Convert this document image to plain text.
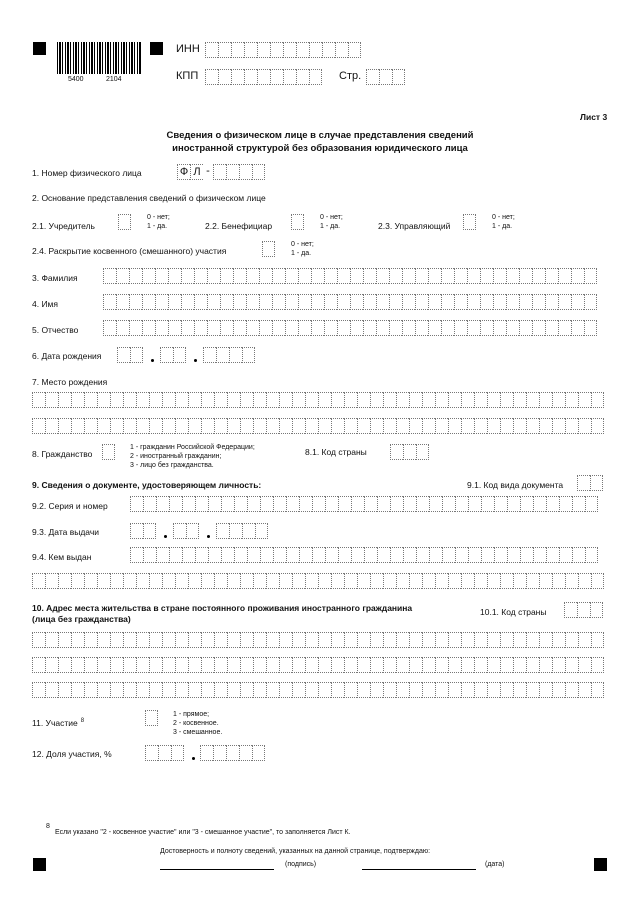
5400	2104
ИНН
КПП	Стр.
Лист 3
Сведения о физическом лице в случае представления сведений
иностранной структурой без образования юридического лица
1. Номер физического лица	Ф Л -
2. Основание представления сведений о физическом лице
2.1. Учредитель
0 - нет;
1 - да.	2.2. Бенефициар
0 - нет;
1 - да.	2.3. Управляющий
0 - нет;
1 - да.
2.4. Раскрытие косвенного (смешанного) участия
0 - нет;
1 - да.
3. Фамилия
4. Имя
5. Отчество
6. Дата рождения
7. Место рождения
8. Гражданство
1 - гражданин Российской Федерации;
2 - иностранный гражданин;
3 - лицо без гражданства.
8.1. Код страны
9. Сведения о документе, удостоверяющем личность:	9.1. Код вида документа
9.2. Серия и номер
9.3. Дата выдачи
9.4. Кем выдан
10. Адрес места жительства в стране постоянного проживания иностранного гражданина
(лица без гражданства)
10.1. Код страны
11. Участие $^8$
1 - прямое;
2 - косвенное.
3 - смешанное.
12. Доля участия, %
8
Если указано "2 - косвенное участие" или "3 - смешанное участие", то заполняется Лист К.
Достоверность и полноту сведений, указанных на данной странице, подтверждаю:
(подпись)	(дата)
